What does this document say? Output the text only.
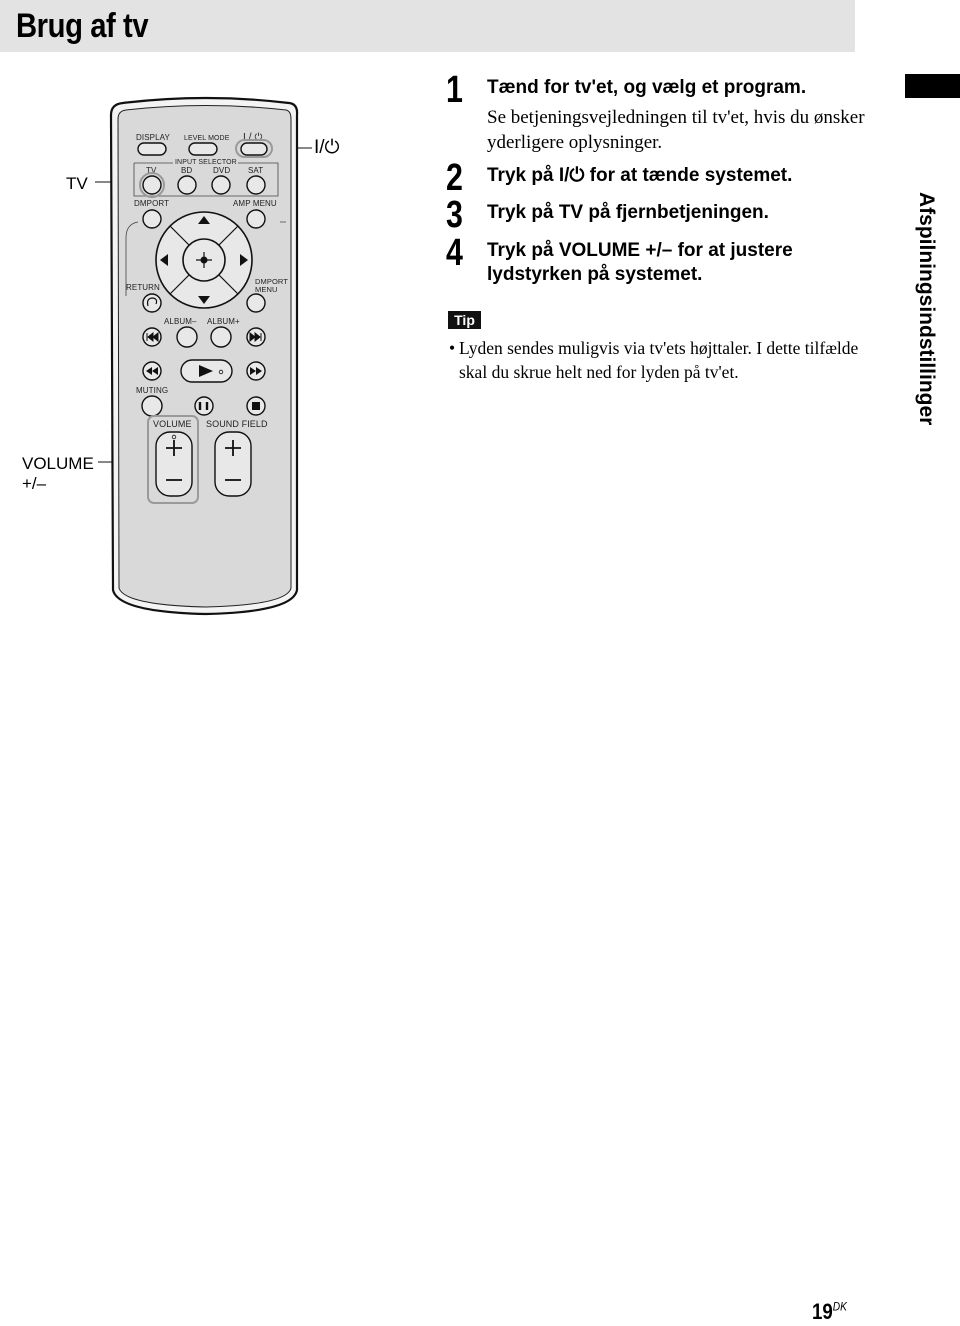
Brug af tv
Afspilningsindstillinger
TV
VOLUME
+/–
I/⏻
DISPLAY LEVEL MODE I / ⏻
INPUT SELECTOR
TV	BD	DVD SAT
DMPORT	AMP MENU
RETURN
DMPORT
MENU
ALBUM– ALBUM+
MUTING
VOLUME SOUND FIELD
1 Tænd for tv'et, og vælg et program.
Se betjeningsvejledningen til tv'et, hvis du ønsker yderligere oplysninger.
2 Tryk på I/⏻ for at tænde systemet.
3 Tryk på TV på fjernbetjeningen.
4 Tryk på VOLUME +/– for at justere lydstyrken på systemet.
Tip
• Lyden sendes muligvis via tv'ets højttaler. I dette tilfælde skal du skrue helt ned for lyden på tv'et.
$19^{DK}$
